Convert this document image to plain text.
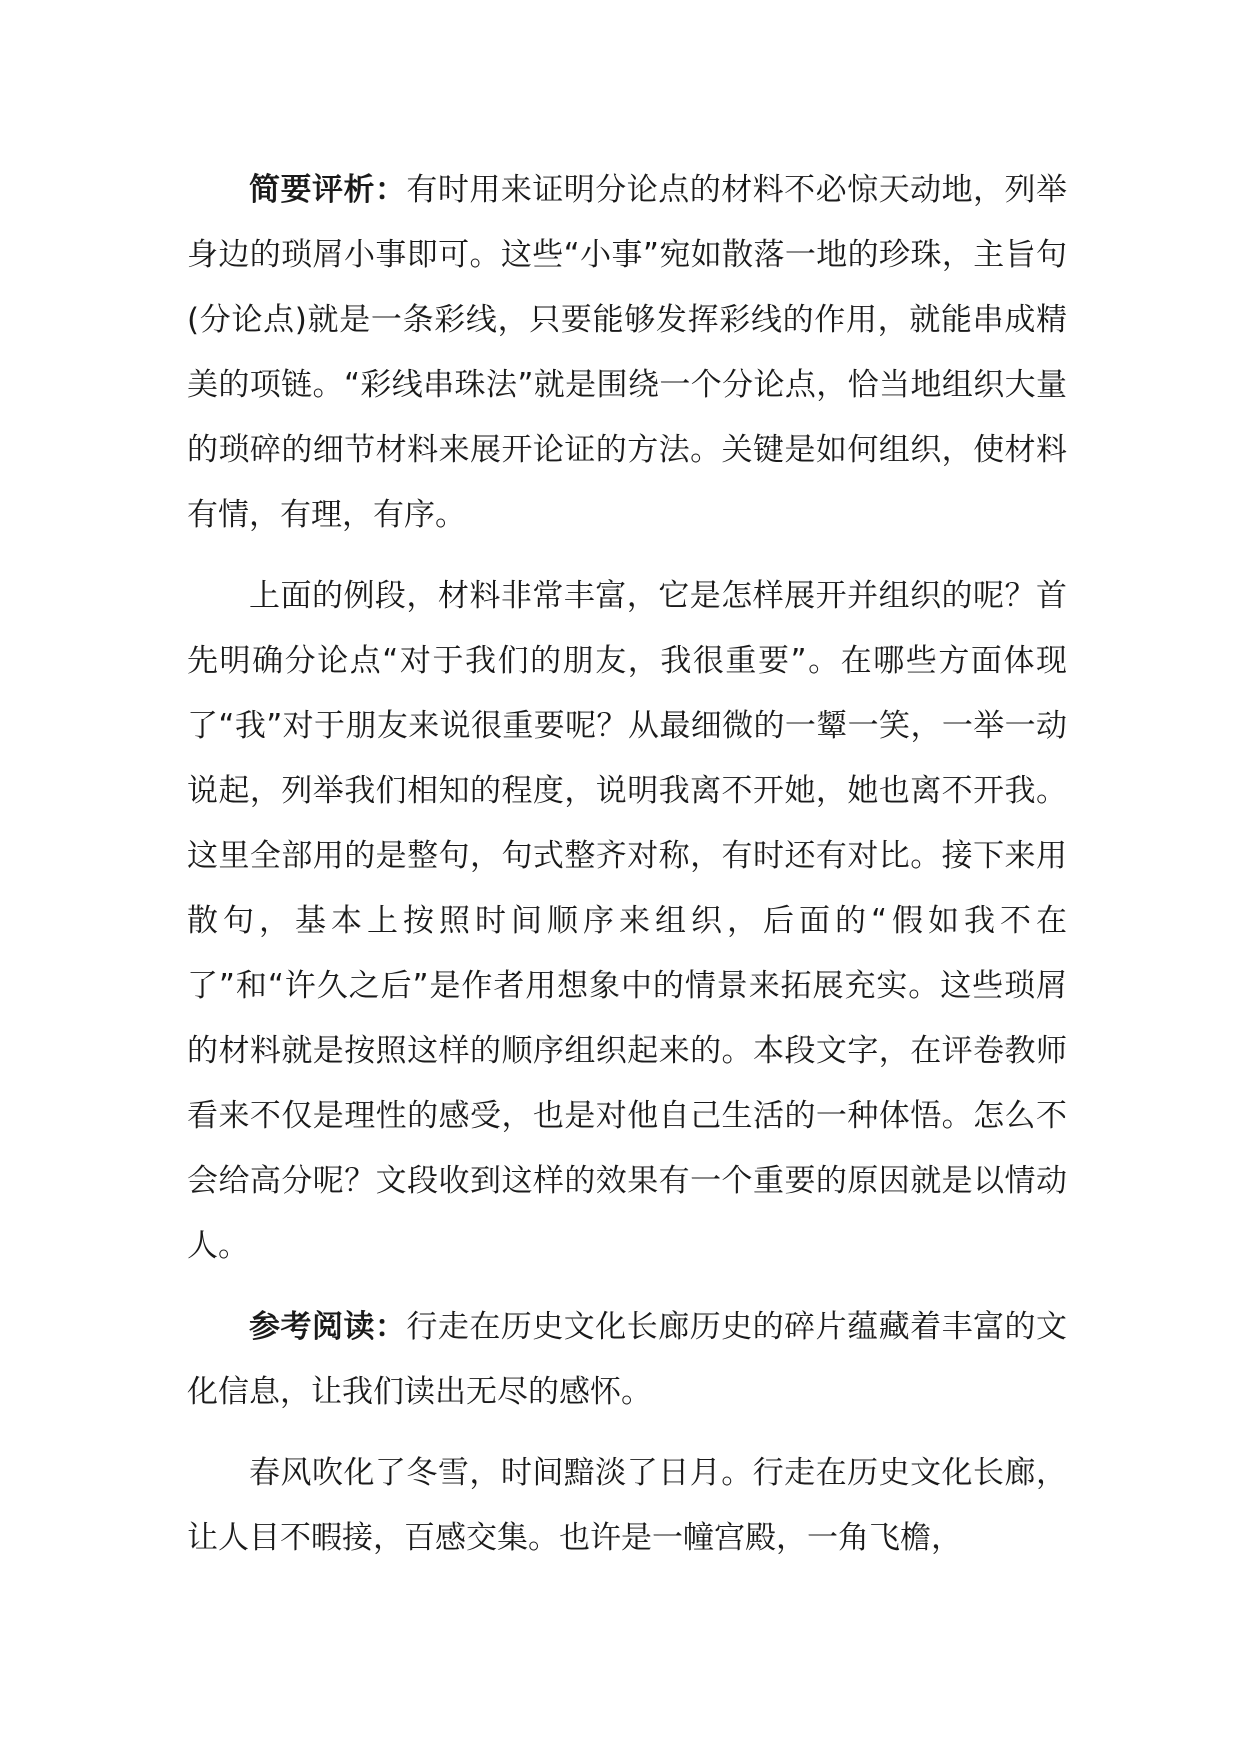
简要评析：有时用来证明分论点的材料不必惊天动地，列举身边的琐屑小事即可。这些“小事”宛如散落一地的珍珠，主旨句(分论点)就是一条彩线，只要能够发挥彩线的作用，就能串成精美的项链。“彩线串珠法”就是围绕一个分论点，恰当地组织大量的琐碎的细节材料来展开论证的方法。关键是如何组织，使材料有情，有理，有序。

上面的例段，材料非常丰富，它是怎样展开并组织的呢？首先明确分论点“对于我们的朋友，我很重要”。在哪些方面体现了“我”对于朋友来说很重要呢？从最细微的一颦一笑，一举一动说起，列举我们相知的程度，说明我离不开她，她也离不开我。这里全部用的是整句，句式整齐对称，有时还有对比。接下来用散句，基本上按照时间顺序来组织，后面的“假如我不在了”和“许久之后”是作者用想象中的情景来拓展充实。这些琐屑的材料就是按照这样的顺序组织起来的。本段文字，在评卷教师看来不仅是理性的感受，也是对他自己生活的一种体悟。怎么不会给高分呢？文段收到这样的效果有一个重要的原因就是以情动人。

参考阅读：行走在历史文化长廊历史的碎片蕴藏着丰富的文化信息，让我们读出无尽的感怀。

春风吹化了冬雪，时间黯淡了日月。行走在历史文化长廊，让人目不暇接，百感交集。也许是一幢宫殿，一角飞檐，
